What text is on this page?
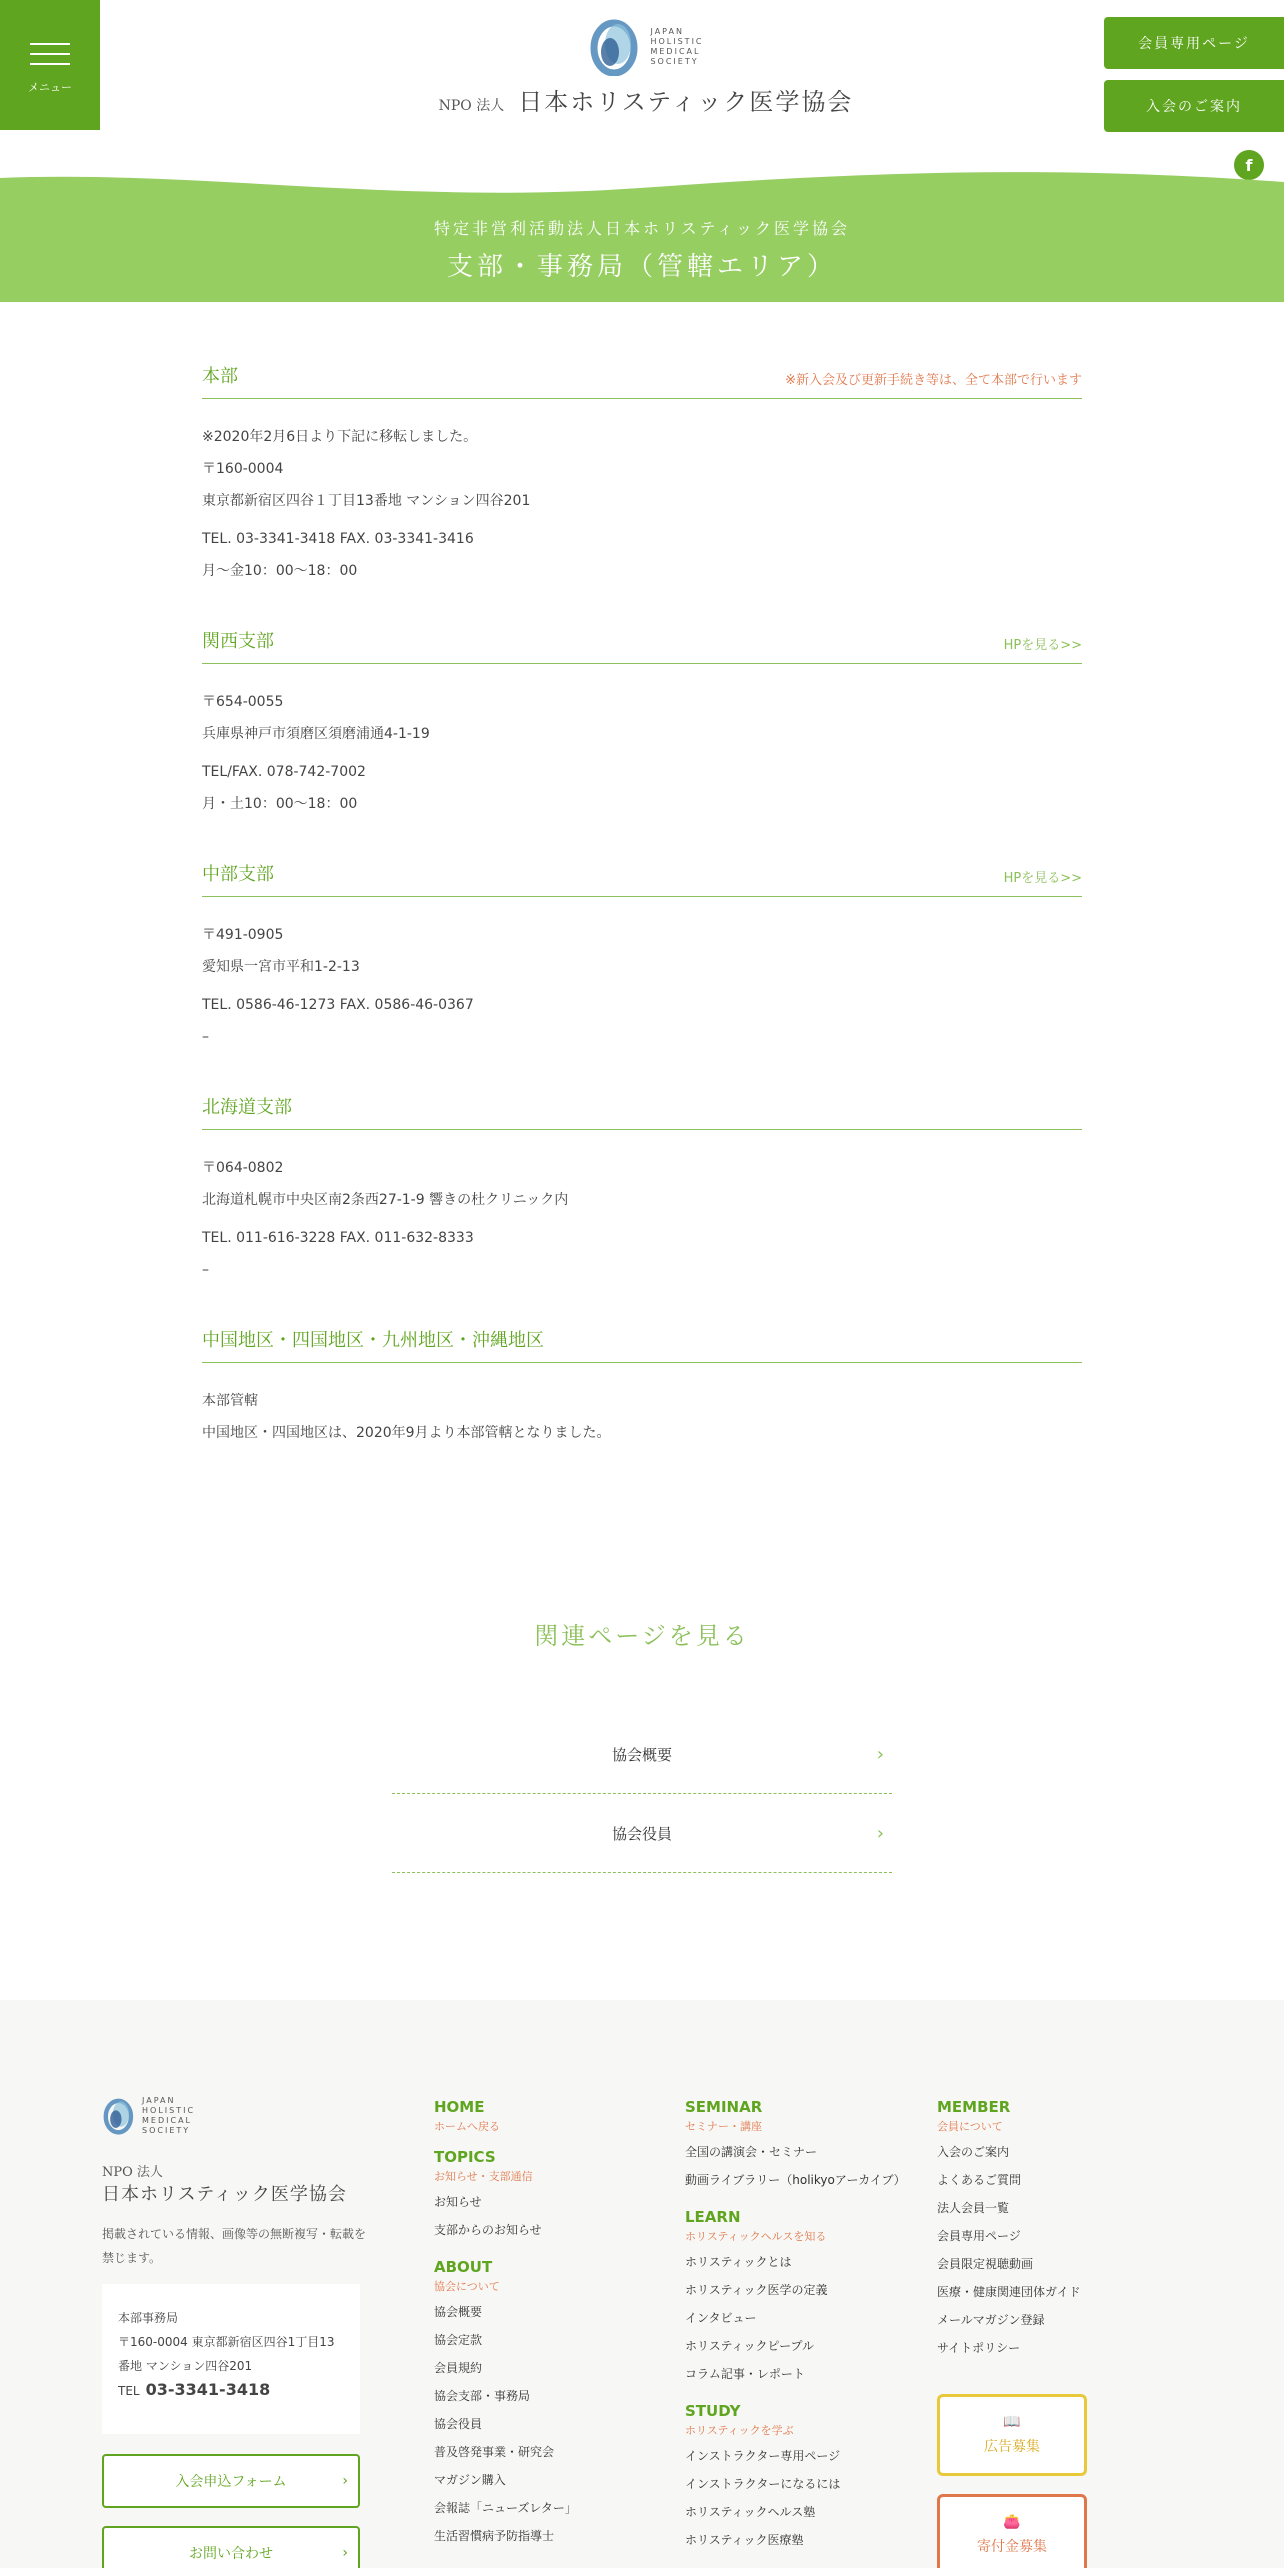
メニュー
JAPAN
HOLISTIC
MEDICAL
SOCIETY
NPO 法人 日本ホリスティック医学協会
会員専用ページ
入会のご案内
f
特定非営利活動法人日本ホリスティック医学協会
支部・事務局（管轄エリア）
本部	※新入会及び更新手続き等は、全て本部で行います
※2020年2月6日より下記に移転しました。
〒160-0004
東京都新宿区四谷１丁目13番地 マンション四谷201
TEL. 03-3341-3418 FAX. 03-3341-3416
月～金10：00～18：00
関西支部	HPを見る>>
〒654-0055
兵庫県神戸市須磨区須磨浦通4-1-19
TEL/FAX. 078-742-7002
月・土10：00～18：00
中部支部	HPを見る>>
〒491-0905
愛知県一宮市平和1-2-13
TEL. 0586-46-1273 FAX. 0586-46-0367
–
北海道支部
〒064-0802
北海道札幌市中央区南2条西27-1-9 響きの杜クリニック内
TEL. 011-616-3228 FAX. 011-632-8333
–
中国地区・四国地区・九州地区・沖縄地区
本部管轄
中国地区・四国地区は、2020年9月より本部管轄となりました。
関連ページを見る
協会概要	›
協会役員	›
JAPAN
HOLISTIC
MEDICAL
SOCIETY
NPO 法人
日本ホリスティック医学協会
掲載されている情報、画像等の無断複写・転載を禁じます。
本部事務局
〒160-0004 東京都新宿区四谷1丁目13
番地 マンション四谷201
TEL 03-3341-3418
入会申込フォーム	›
お問い合わせ	›
HOME
ホームへ戻る
TOPICS
お知らせ・支部通信
お知らせ
支部からのお知らせ
ABOUT
協会について
協会概要
協会定款
会員規約
協会支部・事務局
協会役員
普及啓発事業・研究会
マガジン購入
会報誌「ニューズレター」
生活習慣病予防指導士
SEMINAR
セミナー・講座
全国の講演会・セミナー
動画ライブラリー（holikyoアーカイブ）
LEARN
ホリスティックヘルスを知る
ホリスティックとは
ホリスティック医学の定義
インタビュー
ホリスティックピープル
コラム記事・レポート
STUDY
ホリスティックを学ぶ
インストラクター専用ページ
インストラクターになるには
ホリスティックヘルス塾
ホリスティック医療塾
MEMBER
会員について
入会のご案内
よくあるご質問
法人会員一覧
会員専用ページ
会員限定視聴動画
医療・健康関連団体ガイド
メールマガジン登録
サイトポリシー
📖
広告募集
👛
寄付金募集
